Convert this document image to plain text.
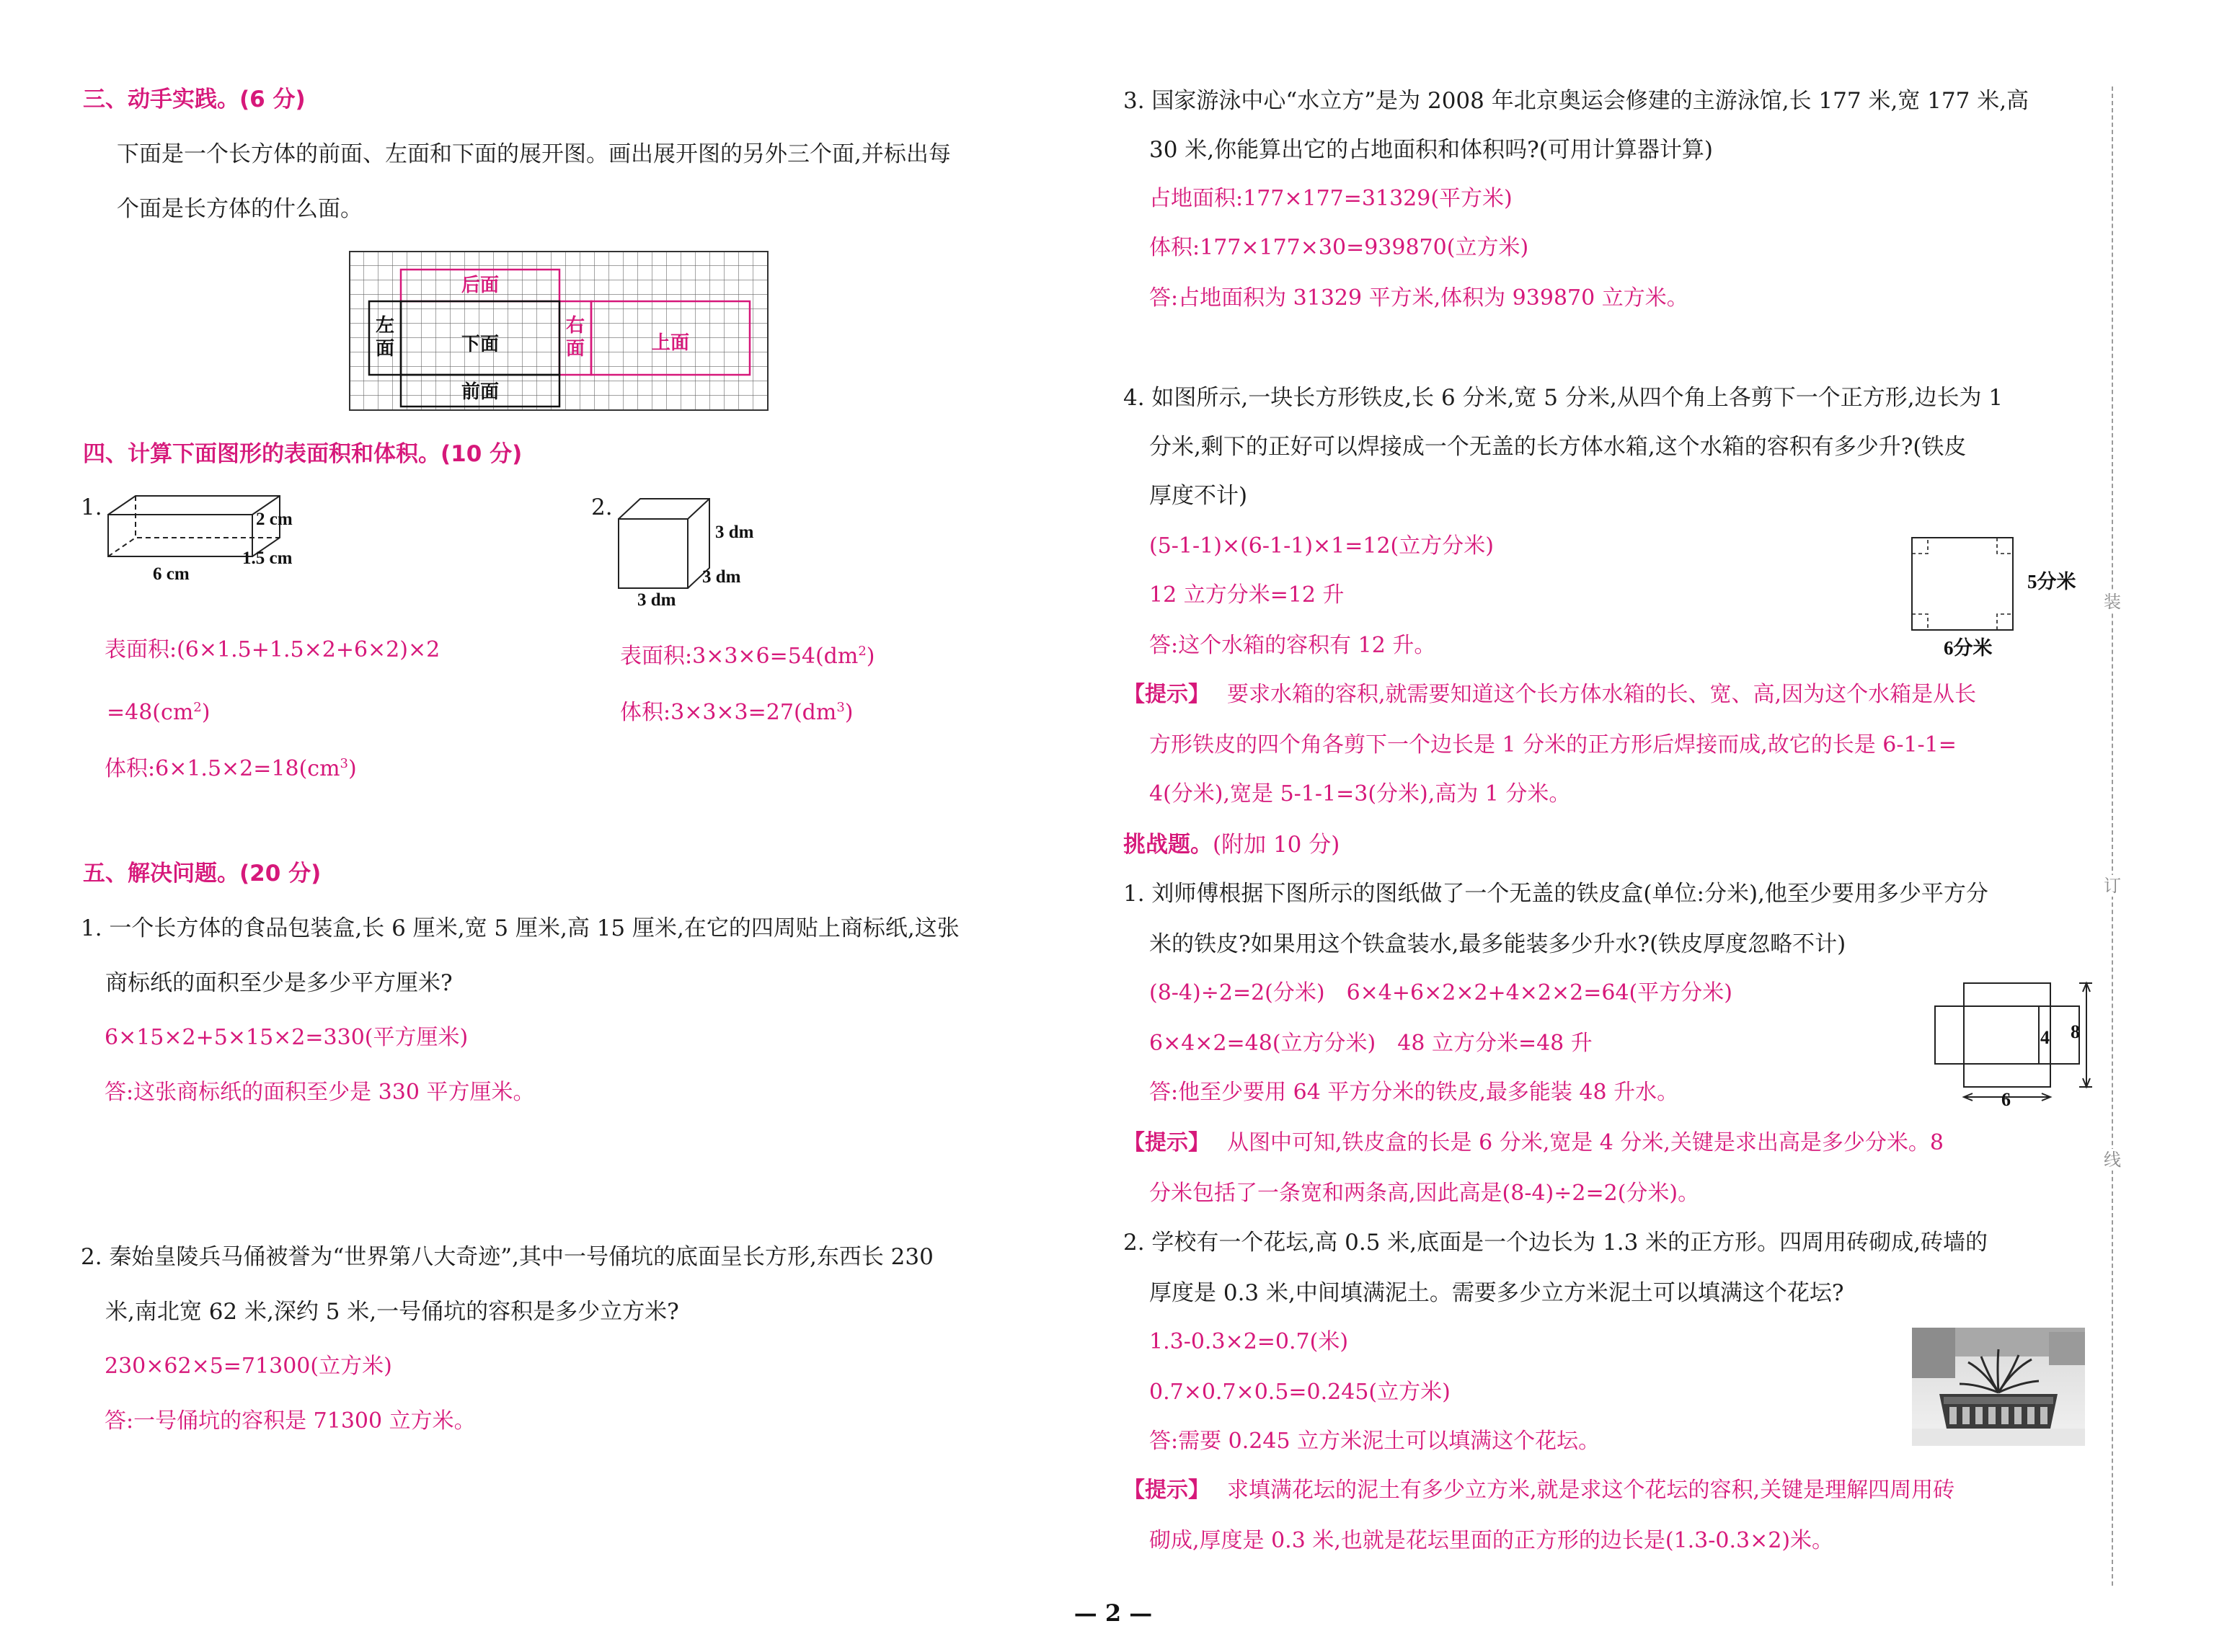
三、动手实践。(6 分)
下面是一个长方体的前面、左面和下面的展开图。画出展开图的另外三个面,并标出每
个面是长方体的什么面。
后面
左
面	下面
右
面	上面
前面
四、计算下面图形的表面积和体积。(10 分)
1.	2 cm
1.5 cm
6 cm
表面积:(6×1.5+1.5×2+6×2)×2
$=48(cm^2)$
体积$:6\times 1.5\times 2=18(cm^3)$
2.
3 dm
3 dm
3 dm
表面积$:3\times 3\times 6=54(dm^2)$
体积$:3\times 3\times 3=27(dm^3)$
五、解决问题。(20 分)
1. 一个长方体的食品包装盒,长 6 厘米,宽 5 厘米,高 15 厘米,在它的四周贴上商标纸,这张
商标纸的面积至少是多少平方厘米?
6×15×2+5×15×2=330(平方厘米)
答:这张商标纸的面积至少是 330 平方厘米。
2. 秦始皇陵兵马俑被誉为“世界第八大奇迹”,其中一号俑坑的底面呈长方形,东西长 230
米,南北宽 62 米,深约 5 米,一号俑坑的容积是多少立方米?
230×62×5=71300(立方米)
答:一号俑坑的容积是 71300 立方米。
3. 国家游泳中心“水立方”是为 2008 年北京奥运会修建的主游泳馆,长 177 米,宽 177 米,高
30 米,你能算出它的占地面积和体积吗?(可用计算器计算)
占地面积:177×177=31329(平方米)
体积:177×177×30=939870(立方米)
答:占地面积为 31329 平方米,体积为 939870 立方米。
4. 如图所示,一块长方形铁皮,长 6 分米,宽 5 分米,从四个角上各剪下一个正方形,边长为 1
分米,剩下的正好可以焊接成一个无盖的长方体水箱,这个水箱的容积有多少升?(铁皮
厚度不计)
(5-1-1)×(6-1-1)×1=12(立方分米)
12 立方分米=12 升
答:这个水箱的容积有 12 升。
5分米
6分米
【提示】 要求水箱的容积,就需要知道这个长方体水箱的长、宽、高,因为这个水箱是从长
方形铁皮的四个角各剪下一个边长是 1 分米的正方形后焊接而成,故它的长是 6-1-1=
4(分米),宽是 5-1-1=3(分米),高为 1 分米。
挑战题。(附加 10 分)
1. 刘师傅根据下图所示的图纸做了一个无盖的铁皮盒(单位:分米),他至少要用多少平方分
米的铁皮?如果用这个铁盒装水,最多能装多少升水?(铁皮厚度忽略不计)
(8-4)÷2=2(分米)　6×4+6×2×2+4×2×2=64(平方分米)
6×4×2=48(立方分米)　48 立方分米=48 升
答:他至少要用 64 平方分米的铁皮,最多能装 48 升水。
4 8
6
【提示】 从图中可知,铁皮盒的长是 6 分米,宽是 4 分米,关键是求出高是多少分米。8
分米包括了一条宽和两条高,因此高是(8-4)÷2=2(分米)。
2. 学校有一个花坛,高 0.5 米,底面是一个边长为 1.3 米的正方形。四周用砖砌成,砖墙的
厚度是 0.3 米,中间填满泥土。需要多少立方米泥土可以填满这个花坛?
1.3-0.3×2=0.7(米)
0.7×0.7×0.5=0.245(立方米)
答:需要 0.245 立方米泥土可以填满这个花坛。
【提示】 求填满花坛的泥土有多少立方米,就是求这个花坛的容积,关键是理解四周用砖
砌成,厚度是 0.3 米,也就是花坛里面的正方形的边长是(1.3-0.3×2)米。
装
订
线
— 2 —
